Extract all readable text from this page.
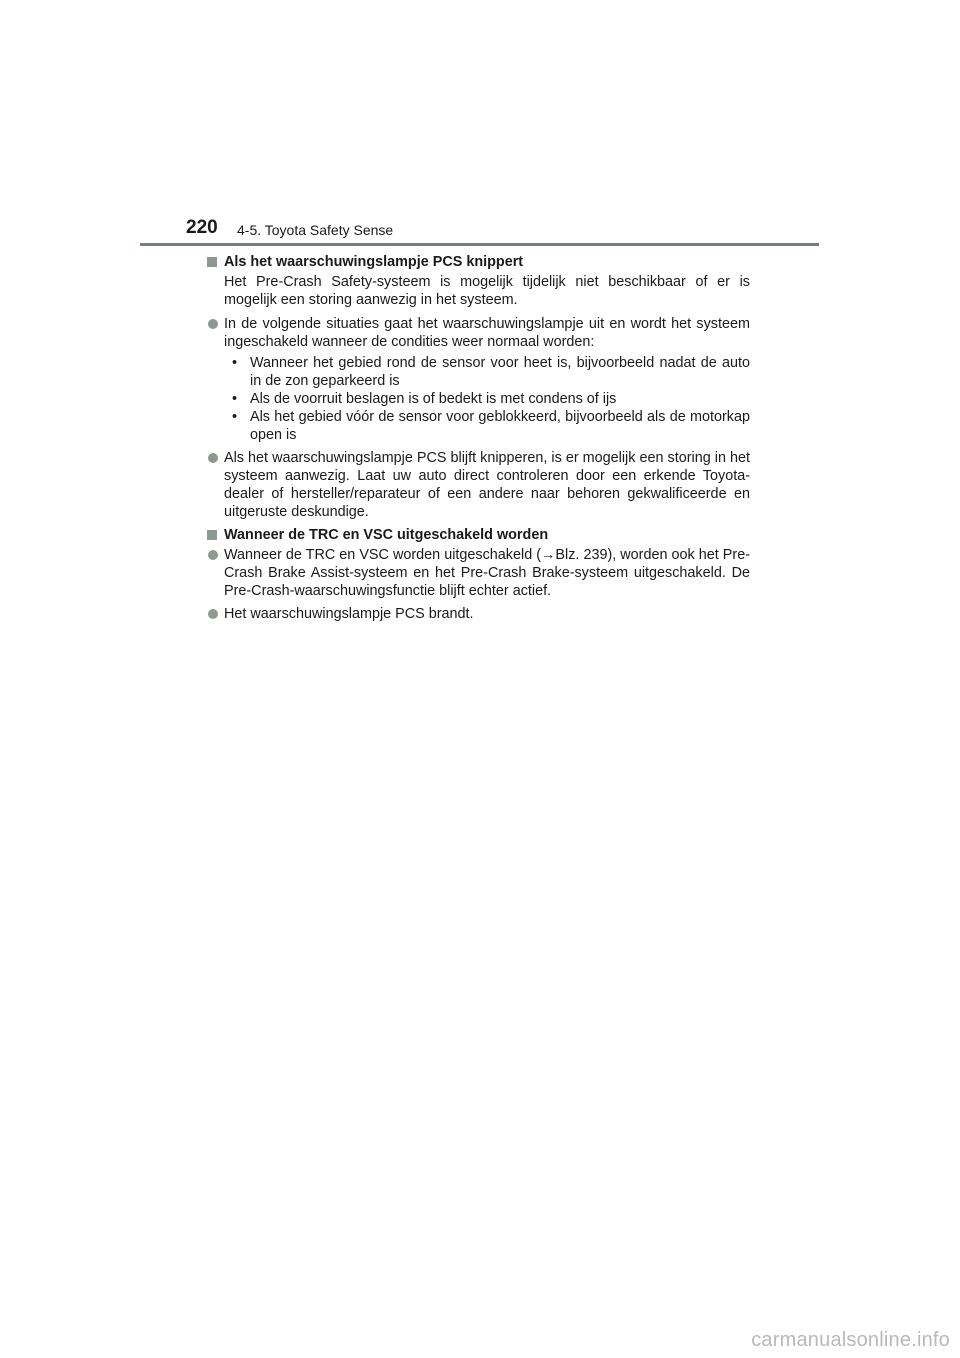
220 4-5. Toyota Safety Sense
Als het waarschuwingslampje PCS knippert
Het Pre-Crash Safety-systeem is mogelijk tijdelijk niet beschikbaar of er is mogelijk een storing aanwezig in het systeem.
In de volgende situaties gaat het waarschuwingslampje uit en wordt het systeem ingeschakeld wanneer de condities weer normaal worden:
• Wanneer het gebied rond de sensor voor heet is, bijvoorbeeld nadat de auto in de zon geparkeerd is
• Als de voorruit beslagen is of bedekt is met condens of ijs
• Als het gebied vóór de sensor voor geblokkeerd, bijvoorbeeld als de motorkap open is
Als het waarschuwingslampje PCS blijft knipperen, is er mogelijk een storing in het systeem aanwezig. Laat uw auto direct controleren door een erkende Toyota-dealer of hersteller/reparateur of een andere naar behoren gekwalificeerde en uitgeruste deskundige.
Wanneer de TRC en VSC uitgeschakeld worden
Wanneer de TRC en VSC worden uitgeschakeld (→Blz. 239), worden ook het Pre-Crash Brake Assist-systeem en het Pre-Crash Brake-systeem uitgeschakeld. De Pre-Crash-waarschuwingsfunctie blijft echter actief.
Het waarschuwingslampje PCS brandt.
carmanualsonline.info
